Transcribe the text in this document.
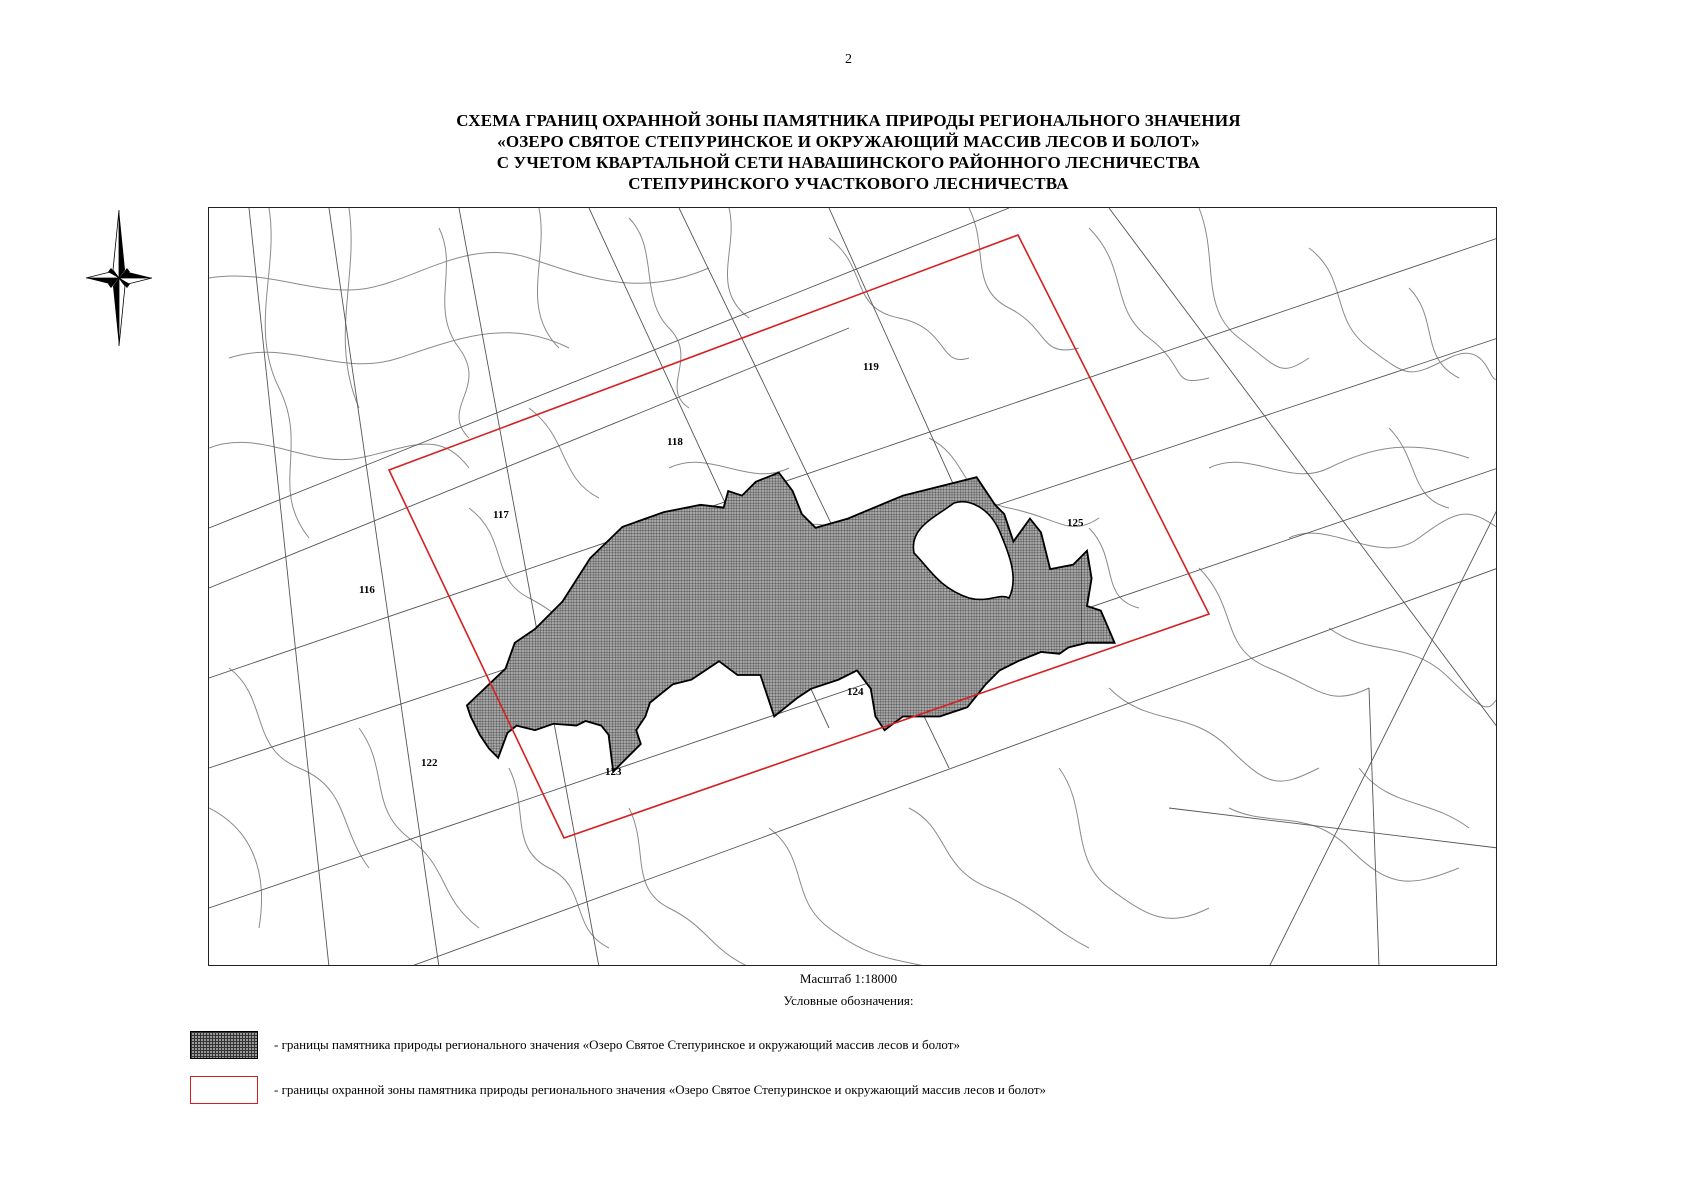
2
СХЕМА ГРАНИЦ ОХРАННОЙ ЗОНЫ ПАМЯТНИКА ПРИРОДЫ РЕГИОНАЛЬНОГО ЗНАЧЕНИЯ
«ОЗЕРО СВЯТОЕ СТЕПУРИНСКОЕ И ОКРУЖАЮЩИЙ МАССИВ ЛЕСОВ И БОЛОТ»
С УЧЕТОМ КВАРТАЛЬНОЙ СЕТИ НАВАШИНСКОГО РАЙОННОГО ЛЕСНИЧЕСТВА
СТЕПУРИНСКОГО УЧАСТКОВОГО ЛЕСНИЧЕСТВА
116
117
118
119
122
123
124
125
Масштаб 1:18000
Условные обозначения:
- границы памятника природы регионального значения «Озеро Святое Степуринское и окружающий массив лесов и болот»
- границы охранной зоны памятника природы регионального значения «Озеро Святое Степуринское и окружающий массив лесов и болот»
